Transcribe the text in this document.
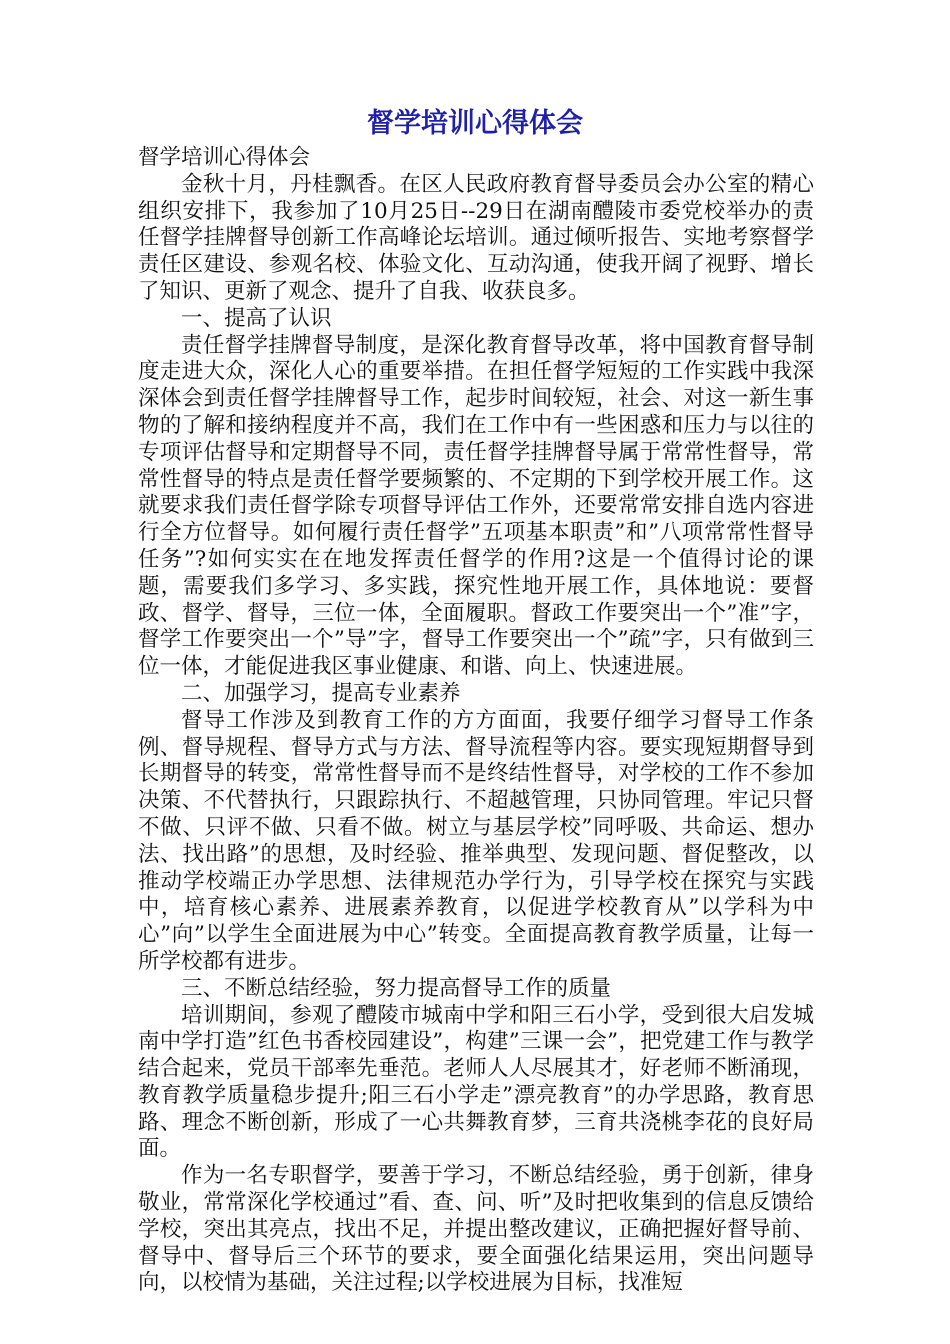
督学培训心得体会

督学培训心得体会

金秋十月，丹桂飘香。在区人民政府教育督导委员会办公室的精心组织安排下，我参加了10月25日--29日在湖南醴陵市委党校举办的责任督学挂牌督导创新工作高峰论坛培训。通过倾听报告、实地考察督学责任区建设、参观名校、体验文化、互动沟通，使我开阔了视野、增长了知识、更新了观念、提升了自我、收获良多。

一、提高了认识

责任督学挂牌督导制度，是深化教育督导改革，将中国教育督导制度走进大众，深化人心的重要举措。在担任督学短短的工作实践中我深深体会到责任督学挂牌督导工作，起步时间较短，社会、对这一新生事物的了解和接纳程度并不高，我们在工作中有一些困惑和压力与以往的专项评估督导和定期督导不同，责任督学挂牌督导属于常常性督导，常常性督导的特点是责任督学要频繁的、不定期的下到学校开展工作。这就要求我们责任督学除专项督导评估工作外，还要常常安排自选内容进行全方位督导。如何履行责任督学”五项基本职责”和”八项常常性督导任务”?如何实实在在地发挥责任督学的作用?这是一个值得讨论的课题，需要我们多学习、多实践，探究性地开展工作，具体地说：要督政、督学、督导，三位一体，全面履职。督政工作要突出一个”准”字，督学工作要突出一个”导”字，督导工作要突出一个”疏”字，只有做到三位一体，才能促进我区事业健康、和谐、向上、快速进展。

二、加强学习，提高专业素养

督导工作涉及到教育工作的方方面面，我要仔细学习督导工作条例、督导规程、督导方式与方法、督导流程等内容。要实现短期督导到长期督导的转变，常常性督导而不是终结性督导，对学校的工作不参加决策、不代替执行，只跟踪执行、不超越管理，只协同管理。牢记只督不做、只评不做、只看不做。树立与基层学校”同呼吸、共命运、想办法、找出路”的思想，及时经验、推举典型、发现问题、督促整改，以推动学校端正办学思想、法律规范办学行为，引导学校在探究与实践中，培育核心素养、进展素养教育，以促进学校教育从”以学科为中心”向”以学生全面进展为中心”转变。全面提高教育教学质量，让每一所学校都有进步。

三、不断总结经验，努力提高督导工作的质量

培训期间，参观了醴陵市城南中学和阳三石小学，受到很大启发城南中学打造”红色书香校园建设”，构建”三课一会”，把党建工作与教学结合起来，党员干部率先垂范。老师人人尽展其才，好老师不断涌现，教育教学质量稳步提升;阳三石小学走”漂亮教育”的办学思路，教育思路、理念不断创新，形成了一心共舞教育梦，三育共浇桃李花的良好局面。

作为一名专职督学，要善于学习，不断总结经验，勇于创新，律身敬业，常常深化学校通过”看、查、问、听”及时把收集到的信息反馈给学校，突出其亮点，找出不足，并提出整改建议，正确把握好督导前、督导中、督导后三个环节的要求，要全面强化结果运用，突出问题导向，以校情为基础，关注过程;以学校进展为目标，找准短
